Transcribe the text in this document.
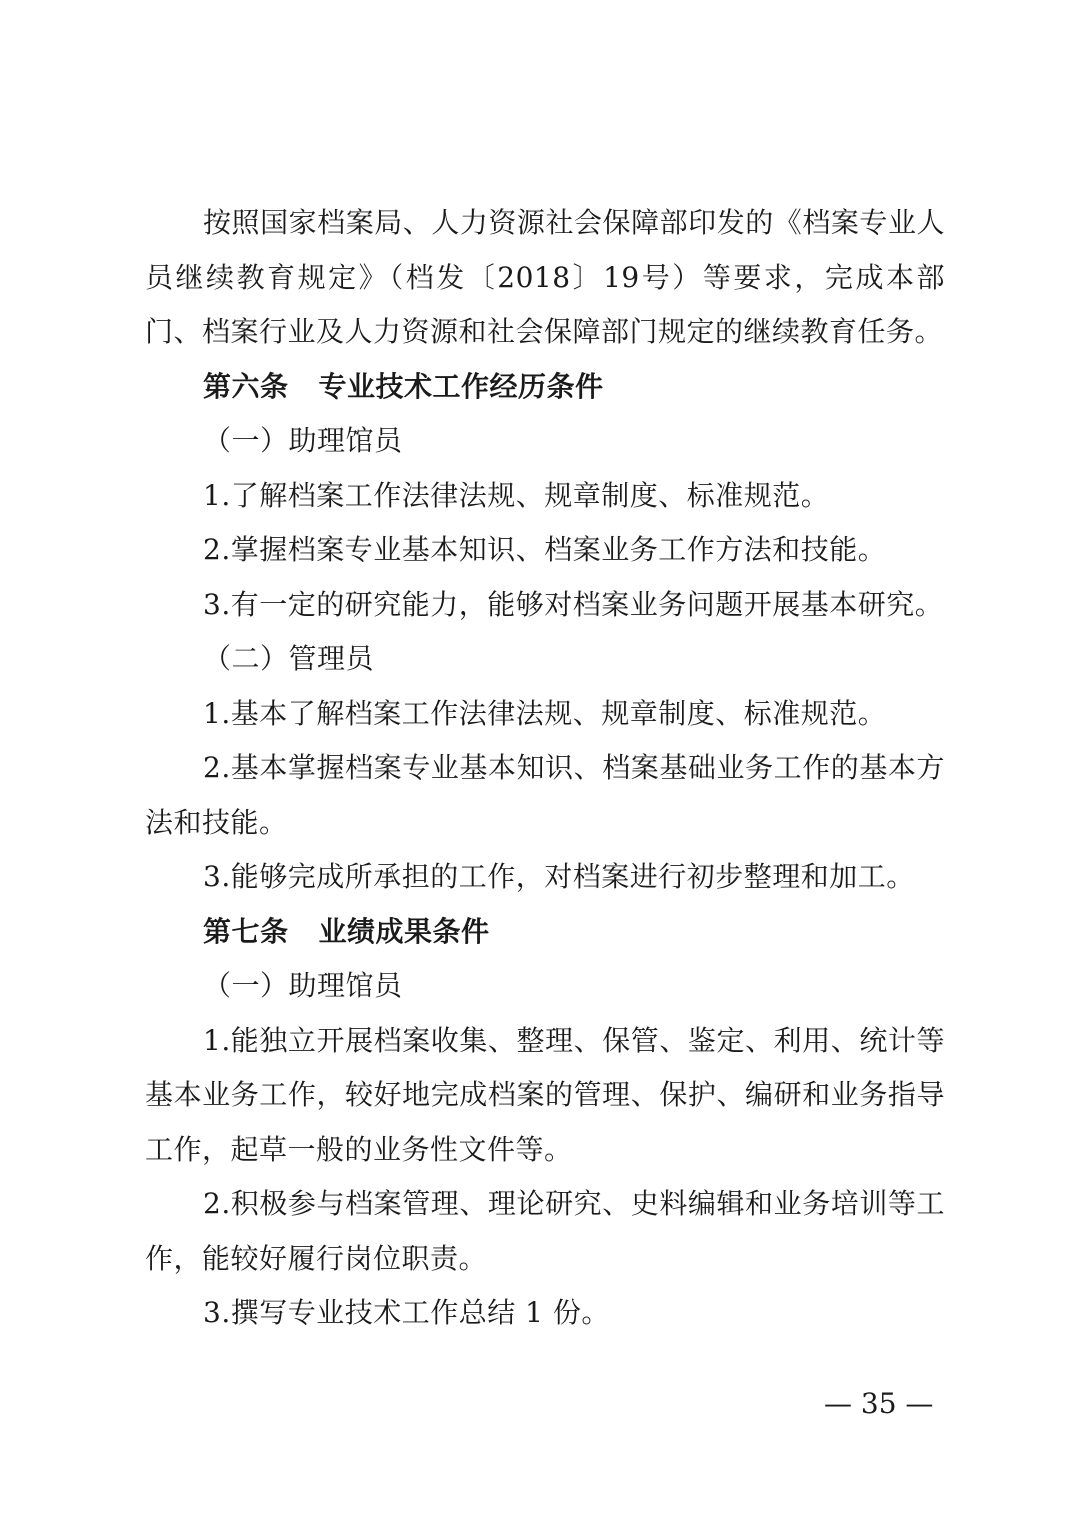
按照国家档案局、人力资源社会保障部印发的《档案专业人员继续教育规定》（档发〔2018〕19号）等要求，完成本部门、档案行业及人力资源和社会保障部门规定的继续教育任务。

第六条 专业技术工作经历条件

（一）助理馆员

1.了解档案工作法律法规、规章制度、标准规范。

2.掌握档案专业基本知识、档案业务工作方法和技能。

3.有一定的研究能力，能够对档案业务问题开展基本研究。

（二）管理员

1.基本了解档案工作法律法规、规章制度、标准规范。

2.基本掌握档案专业基本知识、档案基础业务工作的基本方法和技能。

3.能够完成所承担的工作，对档案进行初步整理和加工。

第七条 业绩成果条件

（一）助理馆员

1.能独立开展档案收集、整理、保管、鉴定、利用、统计等基本业务工作，较好地完成档案的管理、保护、编研和业务指导工作，起草一般的业务性文件等。

2.积极参与档案管理、理论研究、史料编辑和业务培训等工作，能较好履行岗位职责。

3.撰写专业技术工作总结 1 份。

— 35 —
